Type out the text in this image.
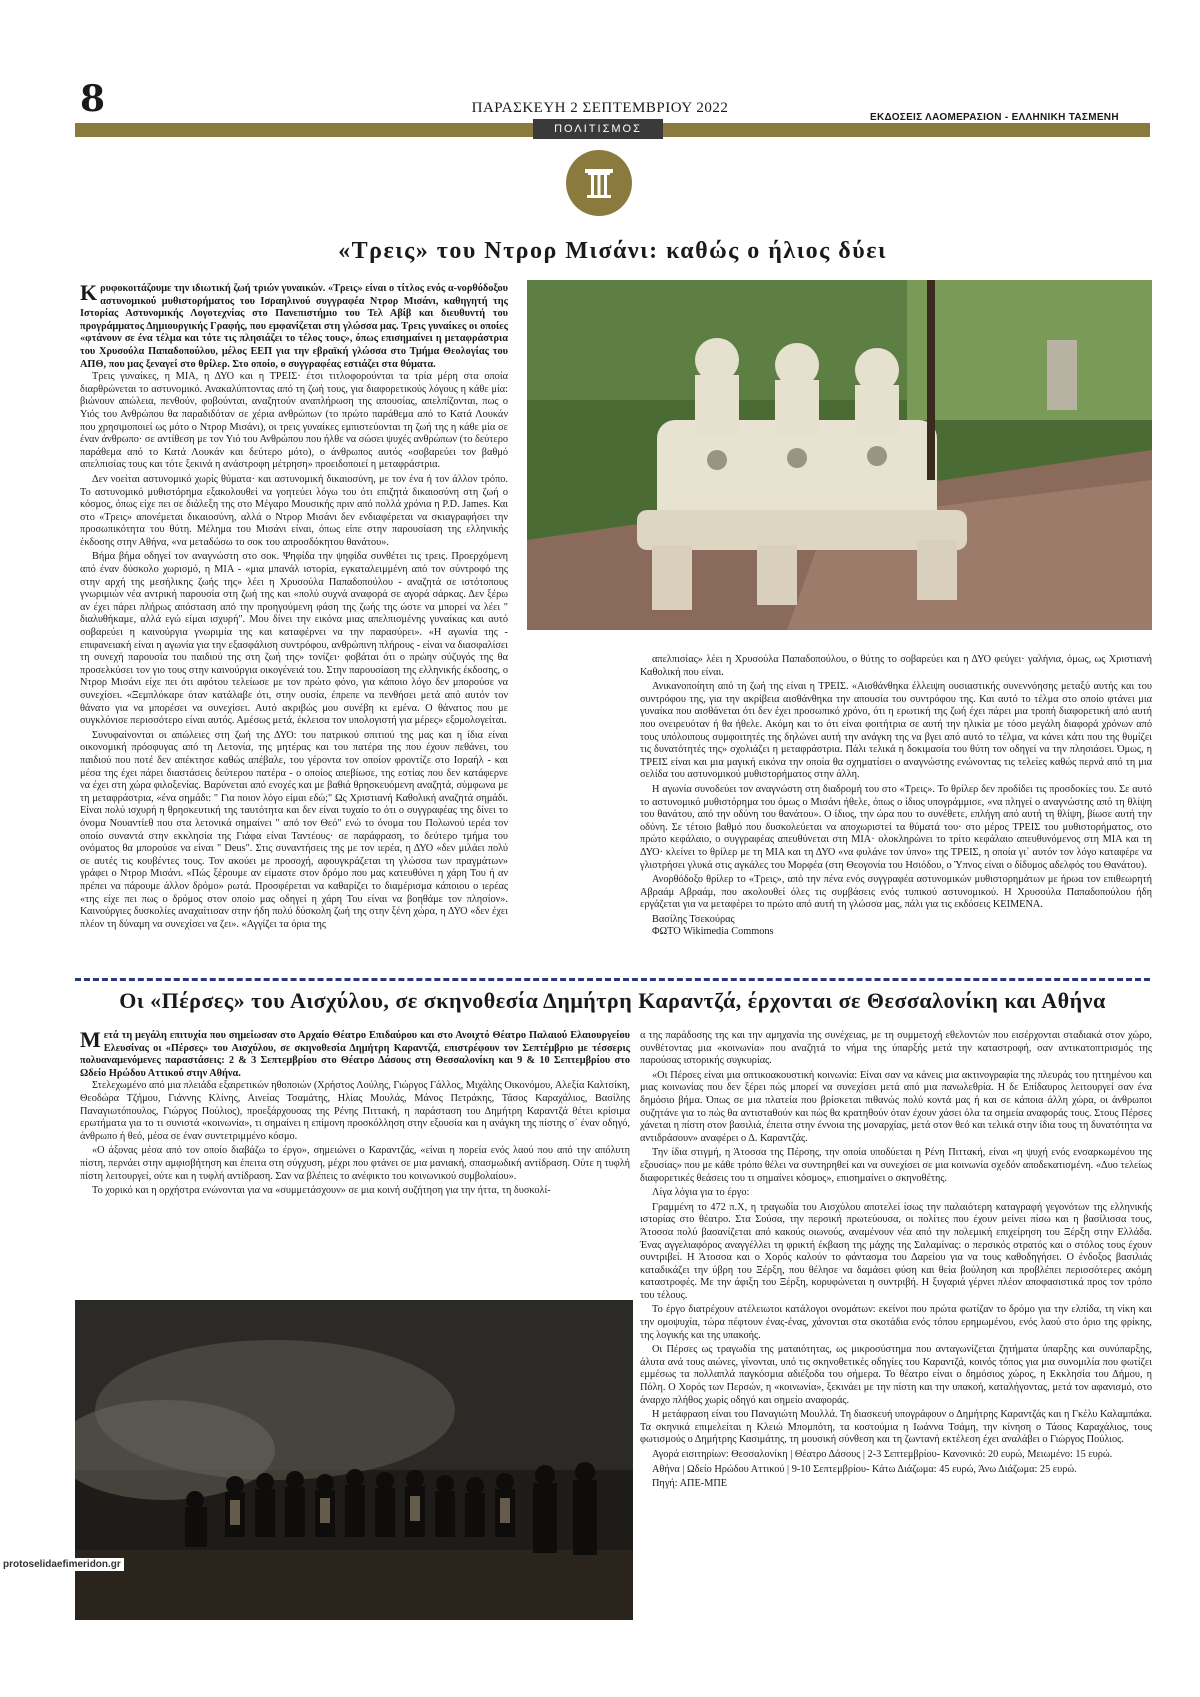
8	ΠΑΡΑΣΚΕΥΗ 2 ΣΕΠΤΕΜΒΡΙΟΥ 2022
ΕΚΔΟΣΕΙΣ ΛΑΟΜΕΡΑΣΙΟΝ - ΕΛΛΗΝΙΚΗ ΤΑΣΜΕΝΗ
ΠΟΛΙΤΙΣΜΟΣ
«Τρεις» του Ντρορ Μισάνι: καθώς ο ήλιος δύει
Κ ρυφοκοιτάζουμε την ιδιωτική ζωή τριών γυναικών. «Τρεις» είναι ο τίτλος ενός α-νορθόδοξου αστυνομικού μυθιστορήματος του Ισραηλινού συγγραφέα Ντρορ Μισάνι, καθηγητή της Ιστορίας Αστυνομικής Λογοτεχνίας στο Πανεπιστήμιο του Τελ Αβίβ και διευθυντή του προγράμματος Δημιουργικής Γραφής, που εμφανίζεται στη γλώσσα μας. Τρεις γυναίκες οι οποίες «φτάνουν σε ένα τέλμα και τότε τις πλησιάζει το τέλος τους», όπως επισημαίνει η μεταφράστρια του Χρυσούλα Παπαδοπούλου, μέλος ΕΕΠ για την εβραϊκή γλώσσα στο Τμήμα Θεολογίας του ΑΠΘ, που μας ξεναγεί στο θρίλερ. Στο οποίο, ο συγγραφέας εστιάζει στα θύματα.

Τρεις γυναίκες, η ΜΙΑ, η ΔΥΟ και η ΤΡΕΙΣ· έτσι τιτλοφορούνται τα τρία μέρη στα οποία διαρθρώνεται το αστυνομικό. Ανακαλύπτοντας από τη ζωή τους, για διαφορετικούς λόγους η κάθε μία: βιώνουν απώλεια, πενθούν, φοβούνται, αναζητούν αναπλήρωση της απουσίας, απελπίζονται, πως ο Υιός του Ανθρώπου θα παραδιδόταν σε χέρια ανθρώπων (το πρώτο παράθεμα από το Κατά Λουκάν που χρησιμοποιεί ως μότο ο Ντρορ Μισάνι), οι τρεις γυναίκες εμπιστεύονται τη ζωή της η κάθε μία σε έναν άνθρωπο· σε αντίθεση με τον Υιό του Ανθρώπου που ήλθε να σώσει ψυχές ανθρώπων (το δεύτερο παράθεμα από το Κατά Λουκάν και δεύτερο μότο), ο άνθρωπος αυτός «σοβαρεύει τον βαθμό απελπισίας τους και τότε ξεκινά η ανάστροφη μέτρηση» προειδοποιεί η μεταφράστρια.

Δεν νοείται αστυνομικό χωρίς θύματα· και αστυνομική δικαιοσύνη, με τον ένα ή τον άλλον τρόπο. Το αστυνομικό μυθιστόρημα εξακολουθεί να γοητεύει λόγω του ότι επιζητά δικαιοσύνη στη ζωή ο κόσμος, όπως είχε πει σε διάλεξη της στο Μέγαρο Μουσικής πριν από πολλά χρόνια η P.D. James. Και στο «Τρεις» απονέμεται δικαιοσύνη, αλλά ο Ντρορ Μισάνι δεν ενδιαφέρεται να σκιαγραφήσει την προσωπικότητα του θύτη. Μέλημα του Μισάνι είναι, όπως είπε στην παρουσίαση της ελληνικής έκδοσης στην Αθήνα, «να μεταδώσω το σοκ του απροσδόκητου θανάτου».

Βήμα βήμα οδηγεί τον αναγνώστη στο σοκ. Ψηφίδα την ψηφίδα συνθέτει τις τρεις. Προερχόμενη από έναν δύσκολο χωρισμό, η ΜΙΑ - «μια μπανάλ ιστορία, εγκαταλειμμένη από τον σύντροφό της στην αρχή της μεσήλικης ζωής της» λέει η Χρυσούλα Παπαδοπούλου - αναζητά σε ιστότοπους γνωριμιών νέα αντρική παρουσία στη ζωή της και «πολύ συχνά αναφορά σε αγορά σάρκας. Δεν ξέρω αν έχει πάρει πλήρως απόσταση από την προηγούμενη φάση της ζωής της ώστε να μπορεί να λέει " διαλυθήκαμε, αλλά εγώ είμαι ισχυρή". Μου δίνει την εικόνα μιας απελπισμένης γυναίκας και αυτό σοβαρεύει η καινούργια γνωριμία της και καταφέρνει να την παρασύρει». «Η αγωνία της - επιφανειακή είναι η αγωνία για την εξασφάλιση συντρόφου, ανθρώπινη πλήρους - είναι να διασφαλίσει τη συνεχή παρουσία του παιδιού της στη ζωή της» τονίζει· φοβάται ότι ο πρώην σύζυγός της θα προσελκύσει τον γιο τους στην καινούργια οικογένειά του. Στην παρουσίαση της ελληνικής έκδοσης, ο Ντρορ Μισάνι είχε πει ότι αφότου τελείωσε με τον πρώτο φόνο, για κάποιο λόγο δεν μπορούσε να συνεχίσει. «Ξεμπλόκαρε όταν κατάλαβε ότι, στην ουσία, έπρεπε να πενθήσει μετά από αυτόν τον θάνατο για να μπορέσει να συνεχίσει. Αυτό ακριβώς μου συνέβη κι εμένα. Ο θάνατος που με συγκλόνισε περισσότερο είναι αυτός. Αμέσως μετά, έκλεισα τον υπολογιστή για μέρες» εξομολογείται.

Συνυφαίνονται οι απώλειες στη ζωή της ΔΥΟ: του πατρικού σπιτιού της μας και η ίδια είναι οικονομική πρόσφυγας από τη Λετονία, της μητέρας και του πατέρα της που έχουν πεθάνει, του παιδιού που ποτέ δεν απέκτησε καθώς απέβαλε, του γέροντα τον οποίον φροντίζε στο Ισραήλ - και μέσα της έχει πάρει διαστάσεις δεύτερου πατέρα - ο οποίος απεβίωσε, της εστίας που δεν κατάφερνε να έχει στη χώρα φιλοξενίας. Βαρύνεται από ενοχές και με βαθιά θρησκευόμενη αναζητά, σύμφωνα με τη μεταφράστρια, «ένα σημάδι: " Για ποιον λόγο είμαι εδώ;" Ως Χριστιανή Καθολική αναζητά σημάδι. Είναι πολύ ισχυρή η θρησκευτική της ταυτότητα και δεν είναι τυχαίο το ότι ο συγγραφέας της δίνει το όνομα Νουαντίεθ που στα λετονικά σημαίνει " από τον Θεό" ενώ το όνομα του Πολωνού ιερέα τον οποίο συναντά στην εκκλησία της Γιάφα είναι Ταντέους· σε παράφραση, το δεύτερο τμήμα του ονόματος θα μπορούσε να είναι " Deus". Στις συναντήσεις της με τον ιερέα, η ΔΥΟ «δεν μιλάει πολύ σε αυτές τις κουβέντες τους. Τον ακούει με προσοχή, αφουγκράζεται τη γλώσσα των πραγμάτων» γράφει ο Ντρορ Μισάνι. «Πώς ξέρουμε αν είμαστε στον δρόμο που μας κατευθύνει η χάρη Του ή αν πρέπει να πάρουμε άλλον δρόμο» ρωτά. Προσφέρεται να καθαρίζει το διαμέρισμα κάποιου ο ιερέας «της είχε πει πως ο δρόμος στον οποίο μας οδηγεί η χάρη Του είναι να βοηθάμε τον πλησίον». Καινούργιες δυσκολίες αναχαίτισαν στην ήδη πολύ δύσκολη ζωή της στην ξένη χώρα, η ΔΥΟ «δεν έχει πλέον τη δύναμη να συνεχίσει να ζει». «Αγγίζει τα όρια της

απελπισίας» λέει η Χρυσούλα Παπαδοπούλου, ο θύτης το σοβαρεύει και η ΔΥΟ φεύγει· γαλήνια, όμως, ως Χριστιανή Καθολική που είναι.

Ανικανοποίητη από τη ζωή της είναι η ΤΡΕΙΣ. «Αισθάνθηκα έλλειψη ουσιαστικής συνεννόησης μεταξύ αυτής και του συντρόφου της, για την ακρίβεια αισθάνθηκα την απουσία του συντρόφου της. Και αυτό το τέλμα στο οποίο φτάνει μια γυναίκα που αισθάνεται ότι δεν έχει προσωπικό χρόνο, ότι η ερωτική της ζωή έχει πάρει μια τροπή διαφορετική από αυτή που ονειρευόταν ή θα ήθελε. Ακόμη και το ότι είναι φοιτήτρια σε αυτή την ηλικία με τόσο μεγάλη διαφορά χρόνων από τους υπόλοιπους συμφοιτητές της δηλώνει αυτή την ανάγκη της να βγει από αυτό το τέλμα, να κάνει κάτι που της θυμίζει τις δυνατότητές της» σχολιάζει η μεταφράστρια. Πάλι τελικά η δοκιμασία του θύτη τον οδηγεί να την πλησιάσει. Όμως, η ΤΡΕΙΣ είναι και μια μαγική εικόνα την οποία θα σχηματίσει ο αναγνώστης ενώνοντας τις τελείες καθώς περνά από τη μια σελίδα του αστυνομικού μυθιστορήματος στην άλλη.

Η αγωνία συνοδεύει τον αναγνώστη στη διαδρομή του στο «Τρεις». Το θρίλερ δεν προδίδει τις προσδοκίες του. Σε αυτό το αστυνομικό μυθιστόρημα του όμως ο Μισάνι ήθελε, όπως ο ίδιος υπογράμμισε, «να πληγεί ο αναγνώστης από τη θλίψη του θανάτου, από την οδύνη του θανάτου». Ο ίδιος, την ώρα που το συνέθετε, επλήγη από αυτή τη θλίψη, βίωσε αυτή την οδύνη. Σε τέτοιο βαθμό που δυσκολεύεται να αποχωριστεί τα θύματά του· στο μέρος ΤΡΕΙΣ του μυθιστορήματος, στο πρώτο κεφάλαιο, ο συγγραφέας απευθύνεται στη ΜΙΑ· ολοκληρώνει το τρίτο κεφάλαιο απευθυνόμενος στη ΜΙΑ και τη ΔΥΟ· κλείνει το θρίλερ με τη ΜΙΑ και τη ΔΥΟ «να φυλάνε τον ύπνο» της ΤΡΕΙΣ, η οποία γι᾽ αυτόν τον λόγο καταφέρε να γλιστρήσει γλυκά στις αγκάλες του Μορφέα (στη Θεογονία του Ησιόδου, ο Ύπνος είναι ο δίδυμος αδελφός του Θανάτου).

Ανορθόδοξο θρίλερ το «Τρεις», από την πένα ενός συγγραφέα αστυνομικών μυθιστορημάτων με ήρωα τον επιθεωρητή Αβραάμ Αβραάμ, που ακολουθεί όλες τις συμβάσεις ενός τυπικού αστυνομικού. Η Χρυσούλα Παπαδοπούλου ήδη εργάζεται για να μεταφέρει το πρώτο από αυτή τη γλώσσα μας, πάλι για τις εκδόσεις ΚΕΙΜΕΝΑ.

Βασίλης Τσεκούρας
ΦΩΤΟ Wikimedia Commons
Οι «Πέρσες» του Αισχύλου, σε σκηνοθεσία Δημήτρη Καραντζά, έρχονται σε Θεσσαλονίκη και Αθήνα
Μ ετά τη μεγάλη επιτυχία που σημείωσαν στο Αρχαίο Θέατρο Επιδαύρου και στο Ανοιχτό Θέατρο Παλαιού Ελαιουργείου Ελευσίνας οι «Πέρσες» του Αισχύλου, σε σκηνοθεσία Δημήτρη Καραντζά, επιστρέφουν τον Σεπτέμβριο με τέσσερις πολυαναμενόμενες παραστάσεις: 2 & 3 Σεπτεμβρίου στο Θέατρο Δάσους στη Θεσσαλονίκη και 9 & 10 Σεπτεμβρίου στο Ωδείο Ηρώδου Αττικού στην Αθήνα.

Στελεχωμένο από μια πλειάδα εξαιρετικών ηθοποιών (Χρήστος Λούλης, Γιώργος Γάλλος, Μιχάλης Οικονόμου, Αλεξία Καλτσίκη, Θεοδώρα Τζήμου, Γιάννης Κλίνης, Αινείας Τσαμάτης, Ηλίας Μουλάς, Μάνος Πετράκης, Τάσος Καραχάλιος, Βασίλης Παναγιωτόπουλος, Γιώργος Πούλιος), προεξάρχουσας της Ρένης Πιττακή, η παράσταση του Δημήτρη Καραντζά θέτει κρίσιμα ερωτήματα για το τι συνιστά «κοινωνία», τι σημαίνει η επίμονη προσκόλληση στην εξουσία και η ανάγκη της πίστης σ᾽ έναν οδηγό, άνθρωπο ή θεό, μέσα σε έναν συντετριμμένο κόσμο.

«Ο άξονας μέσα από τον οποίο διαβάζω το έργο», σημειώνει ο Καραντζάς, «είναι η πορεία ενός λαού που από την απόλυτη πίστη, περνάει στην αμφισβήτηση και έπειτα στη σύγχυση, μέχρι που φτάνει σε μια μανιακή, σπασμωδική αντίδραση. Ούτε η τυφλή πίστη λειτουργεί, ούτε και η τυφλή αντίδραση. Σαν να βλέπεις το ανέφικτο του κοινωνικού συμβολαίου».

Το χορικό και η ορχήστρα ενώνονται για να «συμμετάσχουν» σε μια κοινή συζήτηση για την ήττα, τη δυσκολί-

α της παράδοσης της και την αμηχανία της συνέχειας, με τη συμμετοχή εθελοντών που εισέρχονται σταδιακά στον χώρο, συνθέτοντας μια «κοινωνία» που αναζητά το νήμα της ύπαρξής μετά την καταστροφή, σαν αντικατοπτρισμός της παρούσας ιστορικής συγκυρίας.

«Οι Πέρσες είναι μια οπτικοακουστική κοινωνία: Είναι σαν να κάνεις μια ακτινογραφία της πλευράς του ηττημένου και μιας κοινωνίας που δεν ξέρει πώς μπορεί να συνεχίσει μετά από μια πανωλεθρία. Η δε Επίδαυρος λειτουργεί σαν ένα δημόσιο βήμα. Όπως σε μια πλατεία που βρίσκεται πιθανώς πολύ κοντά μας ή και σε κάποια άλλη χώρα, οι άνθρωποι συζητάνε για το πώς θα αντισταθούν και πώς θα κρατηθούν όταν έχουν χάσει όλα τα σημεία αναφοράς τους. Στους Πέρσες χάνεται η πίστη στον βασιλιά, έπειτα στην έννοια της μοναρχίας, μετά στον θεό και τελικά στην ίδια τους τη δυνατότητα να αντιδράσουν» αναφέρει ο Δ. Καραντζάς.

Την ίδια στιγμή, η Άτοσσα της Πέρσης, την οποία υποδύεται η Ρένη Πιττακή, είναι «η ψυχή ενός ενσαρκωμένου της εξουσίας» που με κάθε τρόπο θέλει να συντηρηθεί και να συνεχίσει σε μια κοινωνία σχεδόν αποδεκατισμένη. «Δυο τελείως διαφορετικές θεάσεις του τι σημαίνει κόσμος», επισημαίνει ο σκηνοθέτης.

Λίγα λόγια για το έργο:

Γραμμένη το 472 π.Χ, η τραγωδία του Αισχύλου αποτελεί ίσως την παλαιότερη καταγραφή γεγονότων της ελληνικής ιστορίας στο θέατρο. Στα Σούσα, την περσική πρωτεύουσα, οι πολίτες που έχουν μείνει πίσω και η βασίλισσα τους, Άτοσσα πολύ βασανίζεται από κακούς οιωνούς, αναμένουν νέα από την πολεμική επιχείρηση του Ξέρξη στην Ελλάδα. Ένας αγγελιαφόρος αναγγέλλει τη φρικτή έκβαση της μάχης της Σαλαμίνας: ο περσικός στρατός και ο στόλος τους έχουν συντριβεί. Η Άτοσσα και ο Χορός καλούν το φάντασμα του Δαρείου για να τους καθοδηγήσει. Ο ένδοξος βασιλιάς καταδικάζει την ύβρη του Ξέρξη, που θέλησε να δαμάσει φύση και θεία βούληση και προβλέπει περισσότερες ακόμη καταστροφές. Με την άφιξη του Ξέρξη, κορυφώνεται η συντριβή. Η ξυγαριά γέρνει πλέον αποφασιστικά προς τον τρόπο του τέλους.

Το έργο διατρέχουν ατέλειωτοι κατάλογοι ονομάτων: εκείνοι που πρώτα φωτίζαν το δρόμο για την ελπίδα, τη νίκη και την ομοψυχία, τώρα πέφτουν ένας-ένας, χάνονται στα σκοτάδια ενός τόπου ερημωμένου, ενός λαού στο όριο της φρίκης, της λογικής και της υπακοής.

Οι Πέρσες ως τραγωδία της ματαιότητας, ως μικροσύστημα που ανταγωνίζεται ζητήματα ύπαρξης και συνύπαρξης, άλυτα ανά τους αιώνες, γίνονται, υπό τις σκηνοθετικές οδηγίες του Καραντζά, κοινός τόπος για μια συνομιλία που φωτίζει εμμέσως τα πολλαπλά παγκόσμια αδιέξοδα του σήμερα. Το θέατρο είναι ο δημόσιος χώρος, η Εκκλησία του Δήμου, η Πόλη. Ο Χορός των Περσών, η «κοινωνία», ξεκινάει με την πίστη και την υπακοή, καταλήγοντας, μετά τον αφανισμό, στο άναρχο πλήθος χωρίς οδηγό και σημείο αναφοράς.

Η μετάφραση είναι του Παναγιώτη Μουλλά. Τη διασκευή υπογράφουν ο Δημήτρης Καραντζάς και η Γκέλυ Καλαμπάκα. Τα σκηνικά επιμελείται η Κλειώ Μπομπότη, τα κοστούμια η Ιωάννα Τσάμη, την κίνηση ο Τάσος Καραχάλιος, τους φωτισμούς ο Δημήτρης Κασιμάτης, τη μουσική σύνθεση και τη ζωντανή εκτέλεση έχει αναλάβει ο Γιώργος Πούλιος.

Αγορά εισιτηρίων: Θεσσαλονίκη | Θέατρο Δάσους | 2-3 Σεπτεμβρίου- Κανονικό: 20 ευρώ, Μειωμένο: 15 ευρώ.

Αθήνα | Ωδείο Ηρώδου Αττικού | 9-10 Σεπτεμβρίου- Κάτω Διάζωμα: 45 ευρώ, Άνω Διάζωμα: 25 ευρώ.

Πηγή: ΑΠΕ-ΜΠΕ

protoselidaefimeridon.gr
